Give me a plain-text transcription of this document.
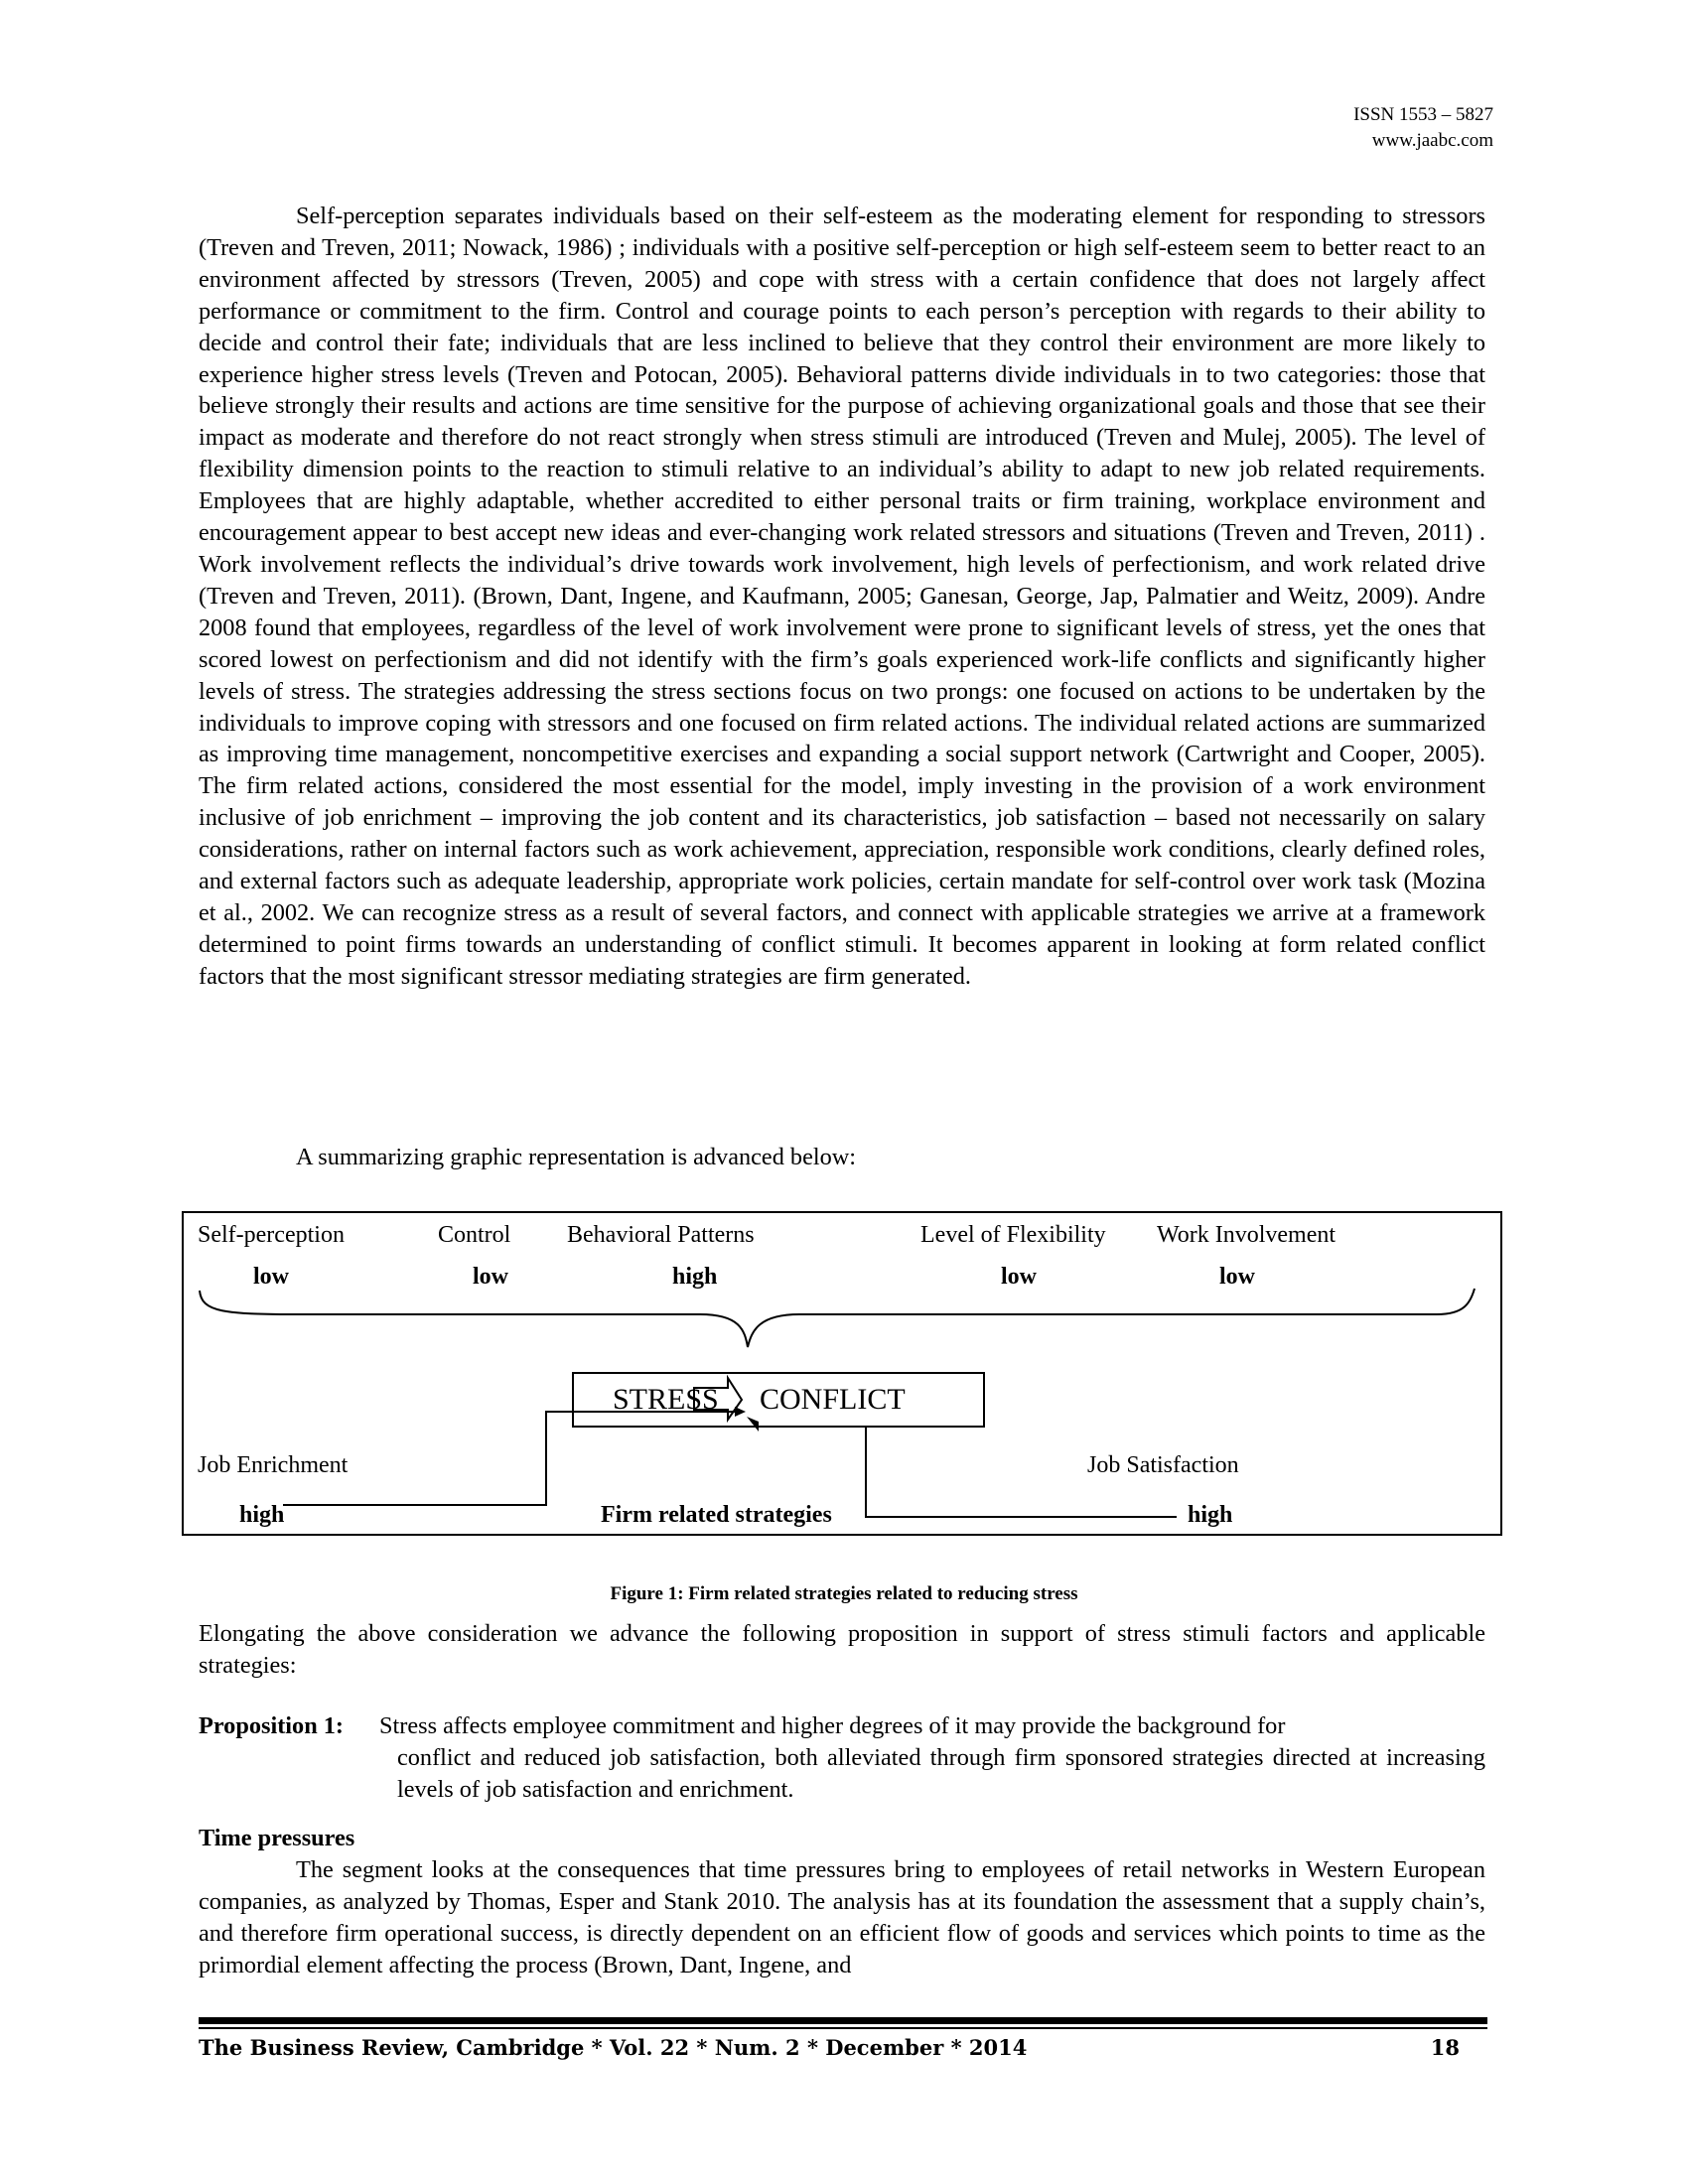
ISSN 1553 – 5827
www.jaabc.com

Self-perception separates individuals based on their self-esteem as the moderating element for responding to stressors (Treven and Treven, 2011; Nowack, 1986) ; individuals with a positive self-perception or high self-esteem seem to better react to an environment affected by stressors (Treven, 2005) and cope with stress with a certain confidence that does not largely affect performance or commitment to the firm. Control and courage points to each person’s perception with regards to their ability to decide and control their fate; individuals that are less inclined to believe that they control their environment are more likely to experience higher stress levels (Treven and Potocan, 2005). Behavioral patterns divide individuals in to two categories: those that believe strongly their results and actions are time sensitive for the purpose of achieving organizational goals and those that see their impact as moderate and therefore do not react strongly when stress stimuli are introduced (Treven and Mulej, 2005). The level of flexibility dimension points to the reaction to stimuli relative to an individual’s ability to adapt to new job related requirements. Employees that are highly adaptable, whether accredited to either personal traits or firm training, workplace environment and encouragement appear to best accept new ideas and ever-changing work related stressors and situations (Treven and Treven, 2011) . Work involvement reflects the individual’s drive towards work involvement, high levels of perfectionism, and work related drive (Treven and Treven, 2011). (Brown, Dant, Ingene, and Kaufmann, 2005; Ganesan, George, Jap, Palmatier and Weitz, 2009). Andre 2008 found that employees, regardless of the level of work involvement were prone to significant levels of stress, yet the ones that scored lowest on perfectionism and did not identify with the firm’s goals experienced work-life conflicts and significantly higher levels of stress. The strategies addressing the stress sections focus on two prongs: one focused on actions to be undertaken by the individuals to improve coping with stressors and one focused on firm related actions. The individual related actions are summarized as improving time management, noncompetitive exercises and expanding a social support network (Cartwright and Cooper, 2005). The firm related actions, considered the most essential for the model, imply investing in the provision of a work environment inclusive of job enrichment – improving the job content and its characteristics, job satisfaction – based not necessarily on salary considerations, rather on internal factors such as work achievement, appreciation, responsible work conditions, clearly defined roles, and external factors such as adequate leadership, appropriate work policies, certain mandate for self-control over work task (Mozina et al., 2002. We can recognize stress as a result of several factors, and connect with applicable strategies we arrive at a framework determined to point firms towards an understanding of conflict stimuli. It becomes apparent in looking at form related conflict factors that the most significant stressor mediating strategies are firm generated.

A summarizing graphic representation is advanced below:
Self-perception	Control Behavioral Patterns	Level of Flexibility Work Involvement
low	low	high	low	low
STRESS CONFLICT
Job Enrichment
high
Job Satisfaction
high
Firm related strategies
Figure 1: Firm related strategies related to reducing stress

Elongating the above consideration we advance the following proposition in support of stress stimuli factors and applicable strategies:

Proposition 1: Stress affects employee commitment and higher degrees of it may provide the background for
conflict and reduced job satisfaction, both alleviated through firm sponsored strategies directed at increasing levels of job satisfaction and enrichment.
Time pressures

The segment looks at the consequences that time pressures bring to employees of retail networks in Western European companies, as analyzed by Thomas, Esper and Stank 2010. The analysis has at its foundation the assessment that a supply chain’s, and therefore firm operational success, is directly dependent on an efficient flow of goods and services which points to time as the primordial element affecting the process (Brown, Dant, Ingene, and

The Business Review, Cambridge * Vol. 22 * Num. 2 * December * 2014	18
